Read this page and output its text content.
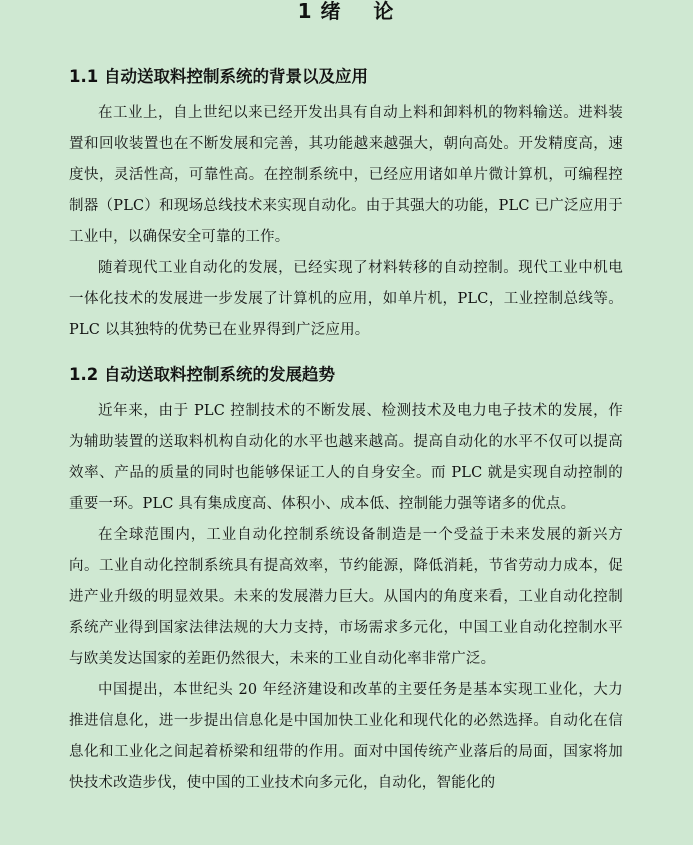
1 绪    论
1.1 自动送取料控制系统的背景以及应用

在工业上，自上世纪以来已经开发出具有自动上料和卸料机的物料输送。进料装置和回收装置也在不断发展和完善，其功能越来越强大，朝向高处。开发精度高，速度快，灵活性高，可靠性高。在控制系统中，已经应用诸如单片微计算机，可编程控制器（PLC）和现场总线技术来实现自动化。由于其强大的功能，PLC 已广泛应用于工业中，以确保安全可靠的工作。

随着现代工业自动化的发展，已经实现了材料转移的自动控制。现代工业中机电一体化技术的发展进一步发展了计算机的应用，如单片机，PLC，工业控制总线等。 PLC 以其独特的优势已在业界得到广泛应用。

1.2 自动送取料控制系统的发展趋势

近年来，由于 PLC 控制技术的不断发展、检测技术及电力电子技术的发展，作为辅助装置的送取料机构自动化的水平也越来越高。提高自动化的水平不仅可以提高效率、产品的质量的同时也能够保证工人的自身安全。而 PLC 就是实现自动控制的重要一环。PLC 具有集成度高、体积小、成本低、控制能力强等诸多的优点。

在全球范围内，工业自动化控制系统设备制造是一个受益于未来发展的新兴方向。工业自动化控制系统具有提高效率，节约能源，降低消耗，节省劳动力成本，促进产业升级的明显效果。未来的发展潜力巨大。从国内的角度来看，工业自动化控制系统产业得到国家法律法规的大力支持，市场需求多元化，中国工业自动化控制水平与欧美发达国家的差距仍然很大，未来的工业自动化率非常广泛。

中国提出，本世纪头 20 年经济建设和改革的主要任务是基本实现工业化，大力推进信息化，进一步提出信息化是中国加快工业化和现代化的必然选择。自动化在信息化和工业化之间起着桥梁和纽带的作用。面对中国传统产业落后的局面，国家将加快技术改造步伐，使中国的工业技术向多元化，自动化，智能化的
